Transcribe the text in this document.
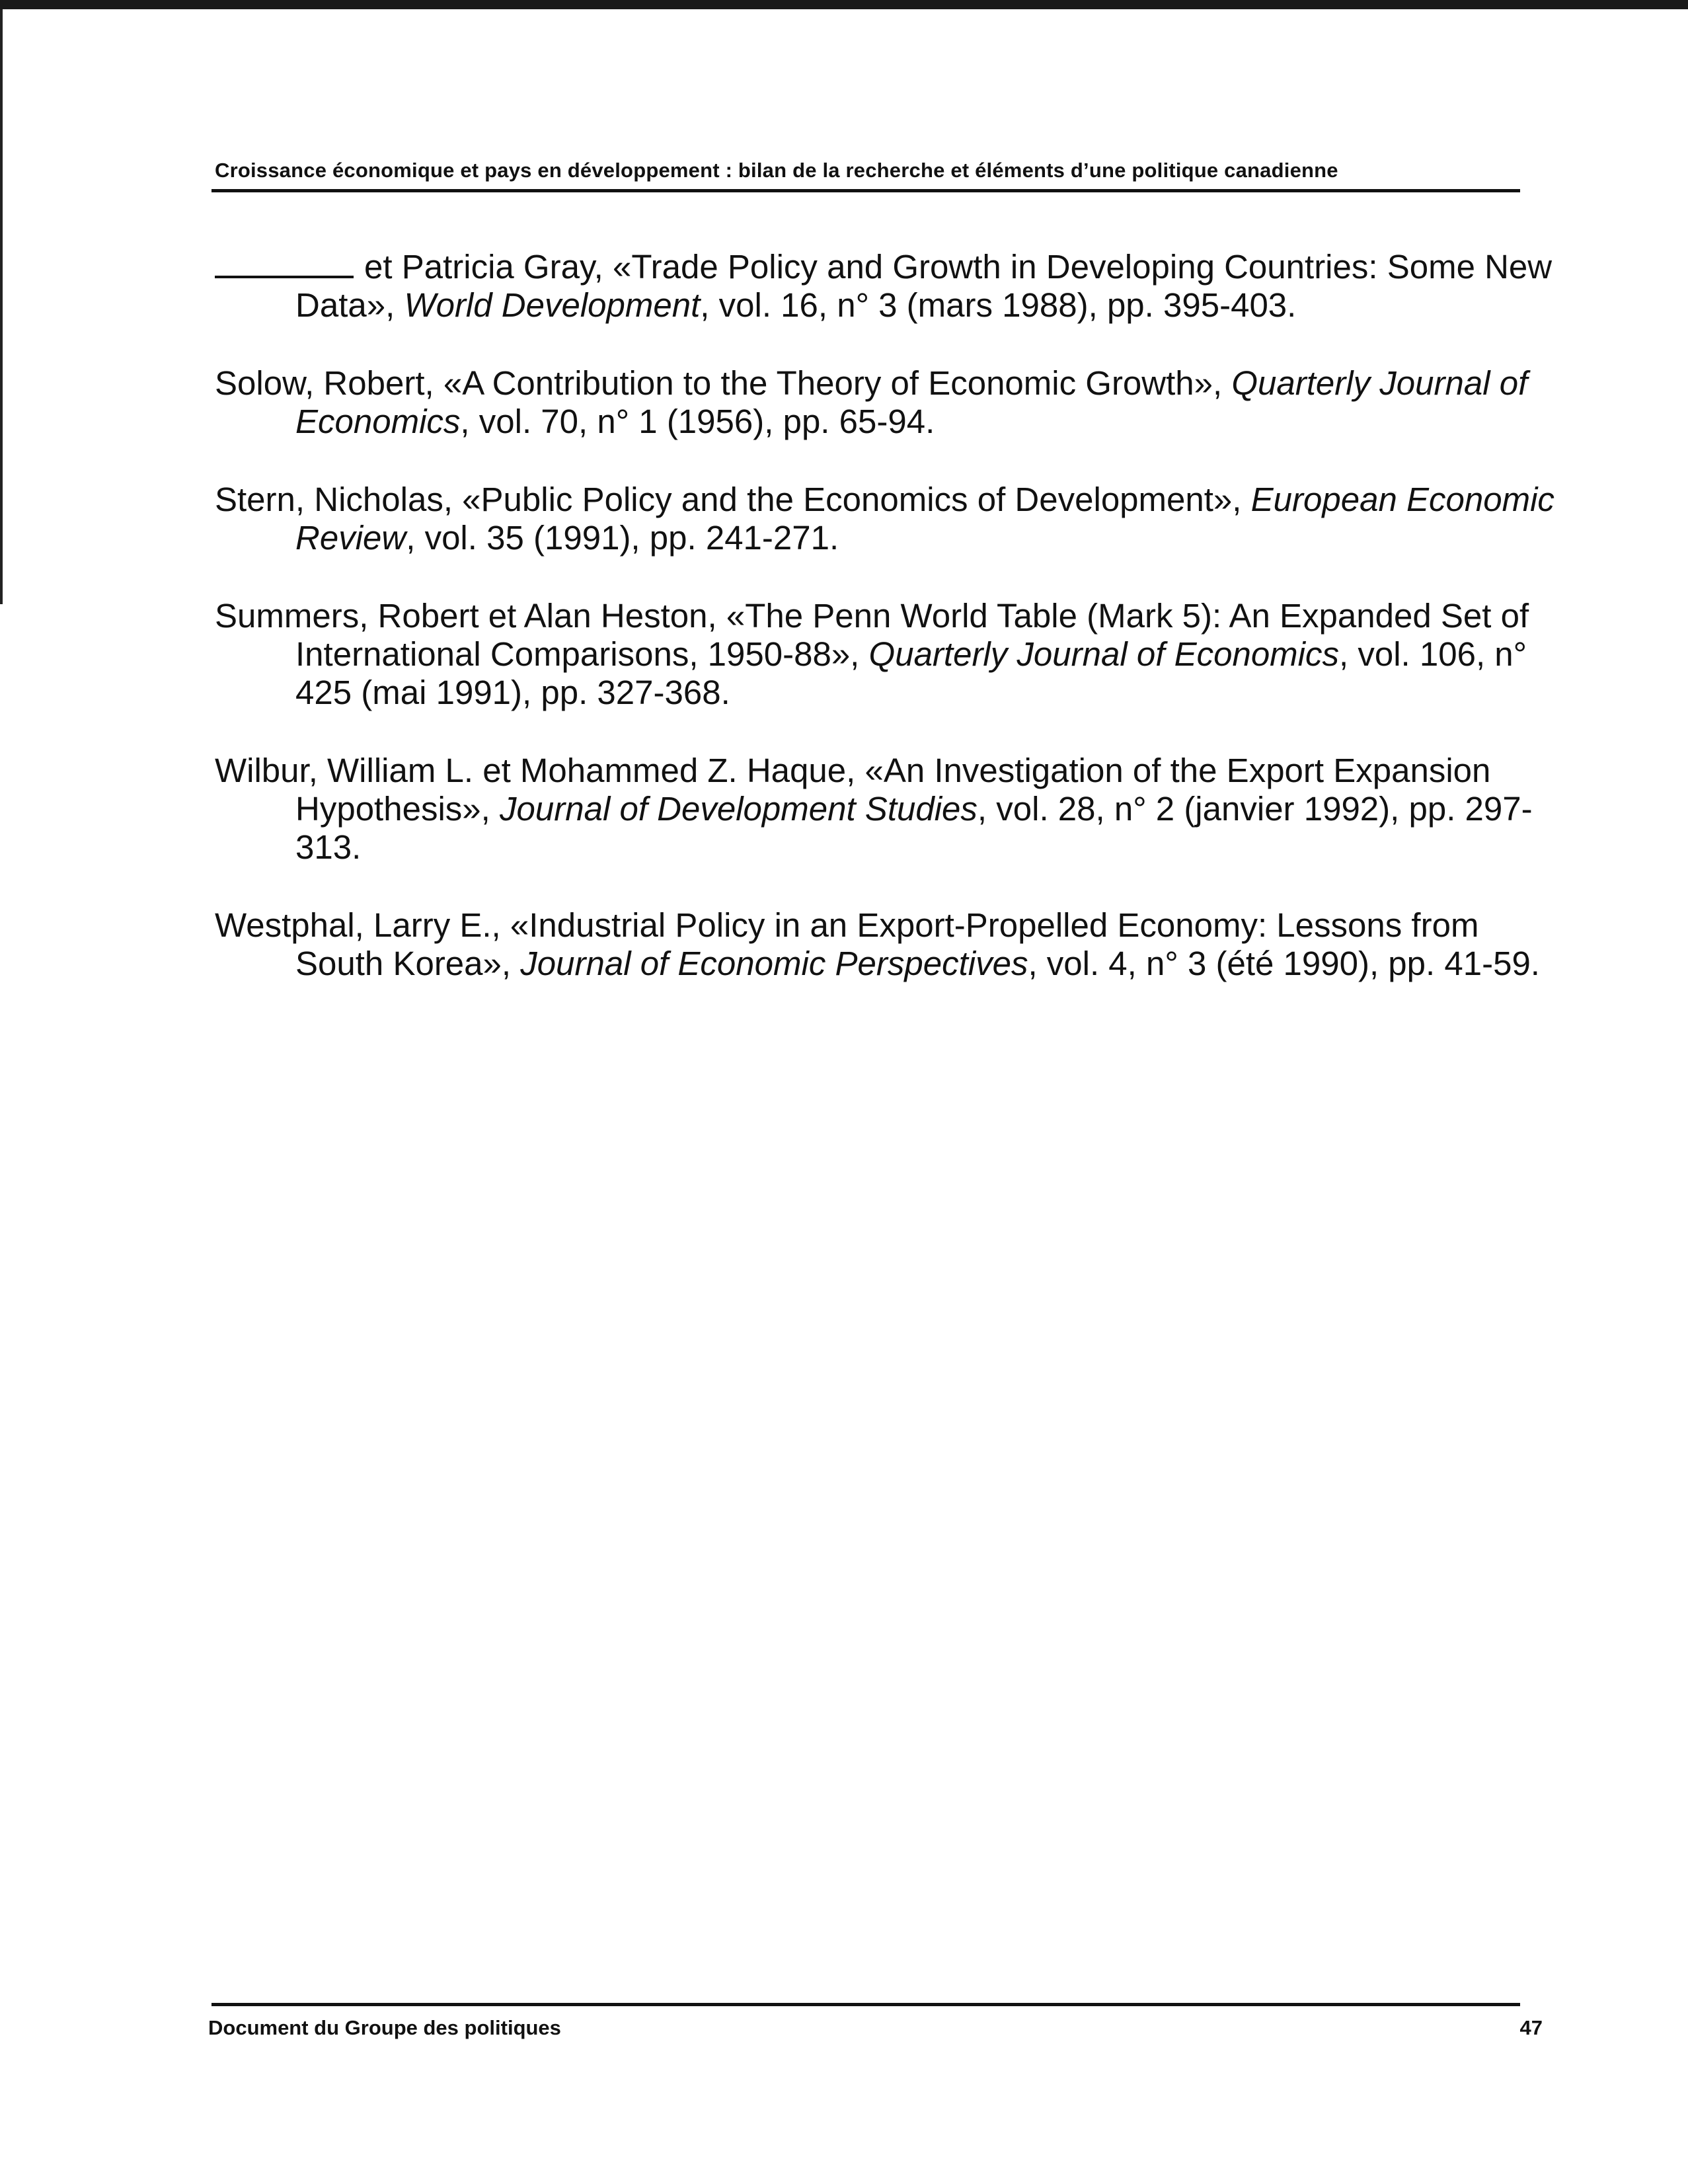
Croissance économique et pays en développement : bilan de la recherche et éléments d’une politique canadienne

et Patricia Gray, «Trade Policy and Growth in Developing Countries: Some New Data», World Development, vol. 16, n° 3 (mars 1988), pp. 395-403.

Solow, Robert, «A Contribution to the Theory of Economic Growth», Quarterly Journal of Economics, vol. 70, n° 1 (1956), pp. 65-94.

Stern, Nicholas, «Public Policy and the Economics of Development», European Economic Review, vol. 35 (1991), pp. 241-271.

Summers, Robert et Alan Heston, «The Penn World Table (Mark 5): An Expanded Set of International Comparisons, 1950-88», Quarterly Journal of Economics, vol. 106, n° 425 (mai 1991), pp. 327-368.

Wilbur, William L. et Mohammed Z. Haque, «An Investigation of the Export Expansion Hypothesis», Journal of Development Studies, vol. 28, n° 2 (janvier 1992), pp. 297-313.

Westphal, Larry E., «Industrial Policy in an Export-Propelled Economy: Lessons from South Korea», Journal of Economic Perspectives, vol. 4, n° 3 (été 1990), pp. 41-59.

Document du Groupe des politiques	47
